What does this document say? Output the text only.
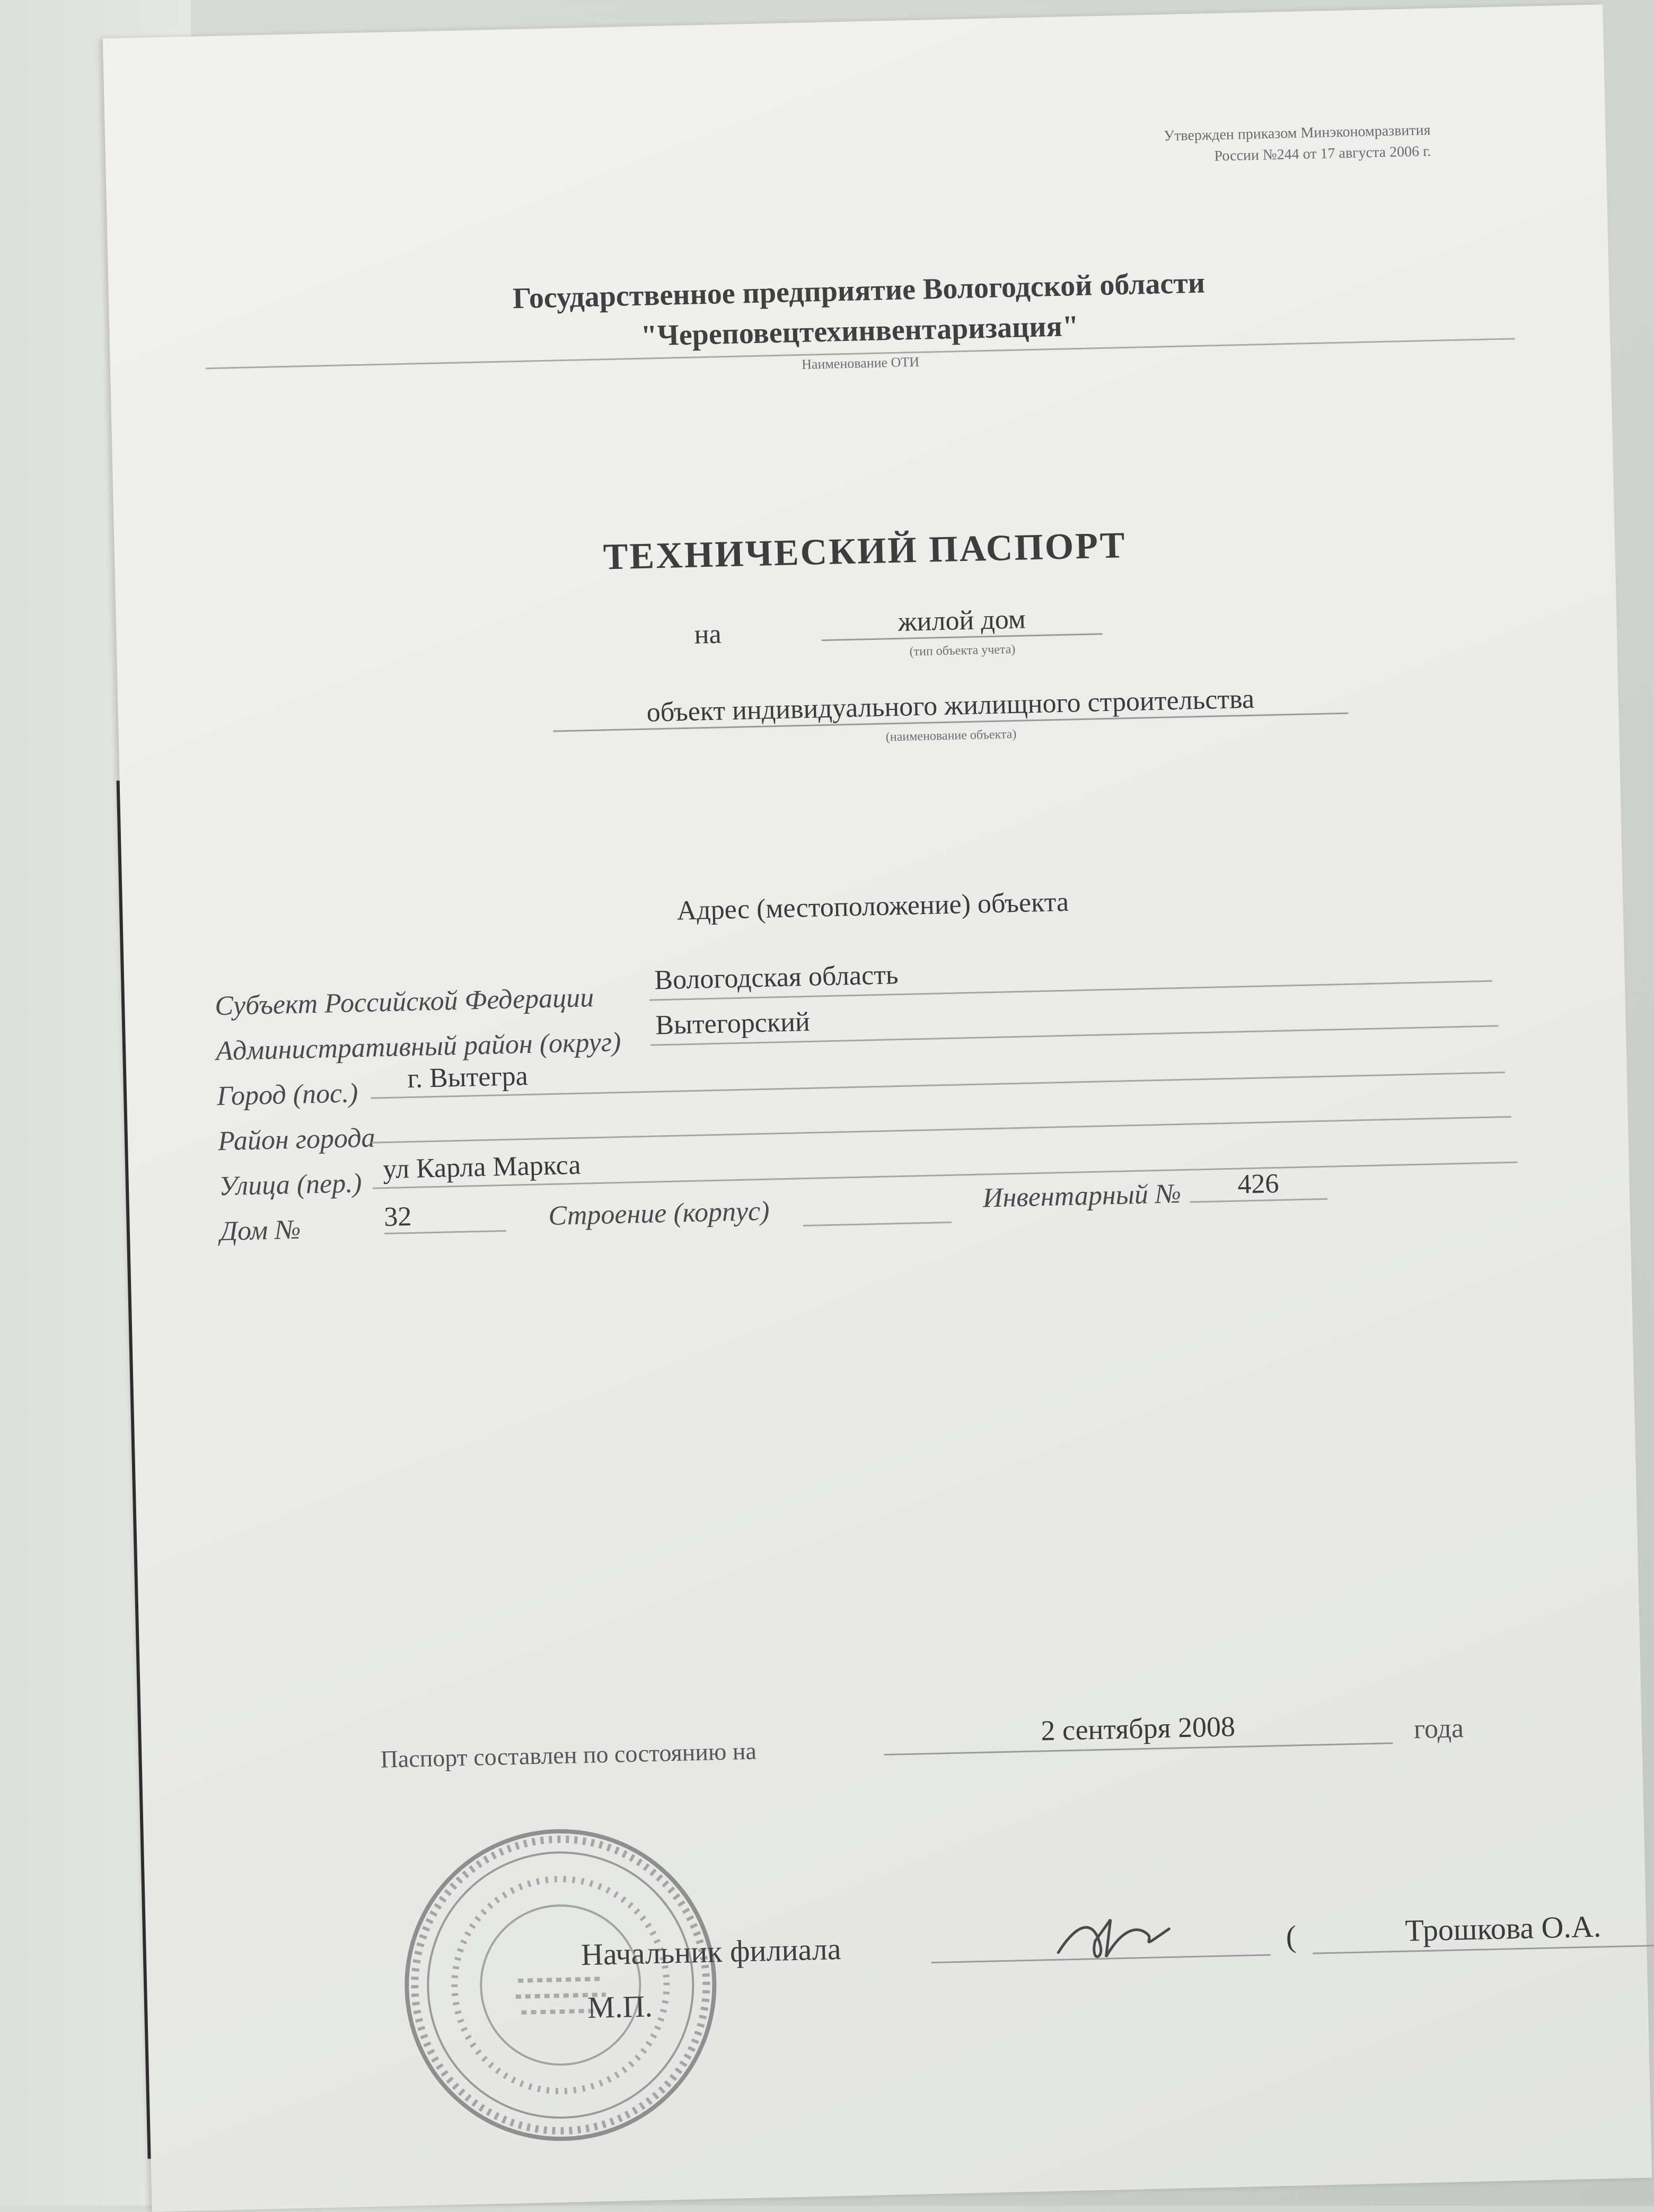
Утвержден приказом Минэкономразвития
России №244 от 17 августа 2006 г.
Государственное предприятие Вологодской области
"Череповецтехинвентаризация"
Наименование ОТИ
ТЕХНИЧЕСКИЙ ПАСПОРТ
на	жилой дом
(тип объекта учета)
объект индивидуального жилищного строительства
(наименование объекта)
Адрес (местоположение) объекта
Субъект Российской Федерации
Вологодская область
Административный район (округ)
Вытегорский
Город (пос.)
г. Вытегра
Район города
Улица (пер.)
ул Карла Маркса
Дом №	32	Строение (корпус)	Инвентарный №	426
Паспорт составлен по состоянию на
2 сентября 2008	года
Начальник филиала	(	Трошкова О.А.
М.П.
